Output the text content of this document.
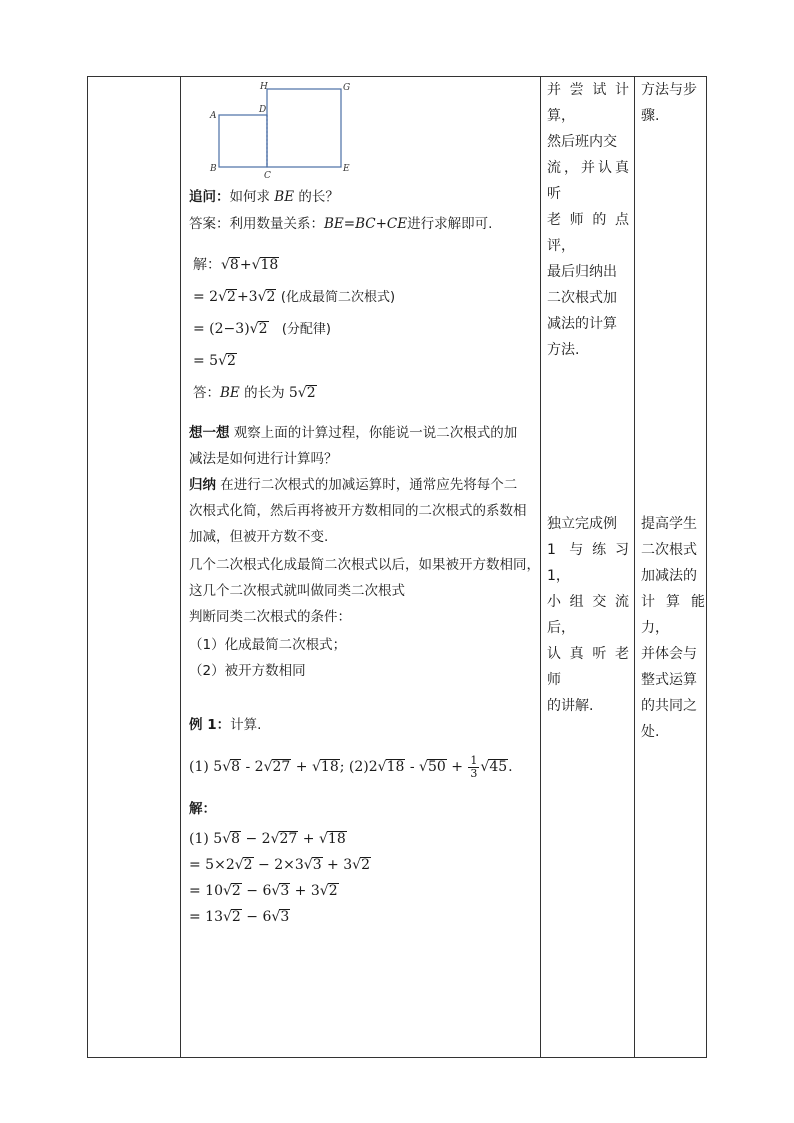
A
B
C
D
E
G
H
追问：如何求 BE 的长？
答案：利用数量关系：BE=BC+CE进行求解即可.
解：√8+√18
= 2√2+3√2 (化成最简二次根式)
= (2−3)√2 (分配律)
= 5√2
答：BE 的长为 5√2
想一想 观察上面的计算过程，你能说一说二次根式的加
减法是如何进行计算吗？
归纳 在进行二次根式的加减运算时，通常应先将每个二
次根式化简，然后再将被开方数相同的二次根式的系数相
加减，但被开方数不变.
几个二次根式化成最简二次根式以后，如果被开方数相同，
这几个二次根式就叫做同类二次根式
判断同类二次根式的条件：
（1）化成最简二次根式；
（2）被开方数相同
例 1：计算.
(1) 5√8 - 2√27 + √18; $(2)2√18 - √50 + \frac{1}{3} √45$.
解：
(1) 5√8 − 2√27 + √18
= 5×2√2 − 2×3√3 + 3√2
= 10√2 − 6√3 + 3√2
= 13√2 − 6√3
并尝试计算，
然后班内交
流，并认真听
老师的点评，
最后归纳出
二次根式加
减法的计算
方法.
独立完成例
1 与练习 1，
小组交流后，
认 真 听 老 师
的讲解.
方法与步
骤.
提高学生
二次根式
加减法的
计算能力，
并体会与
整式运算
的共同之
处.
